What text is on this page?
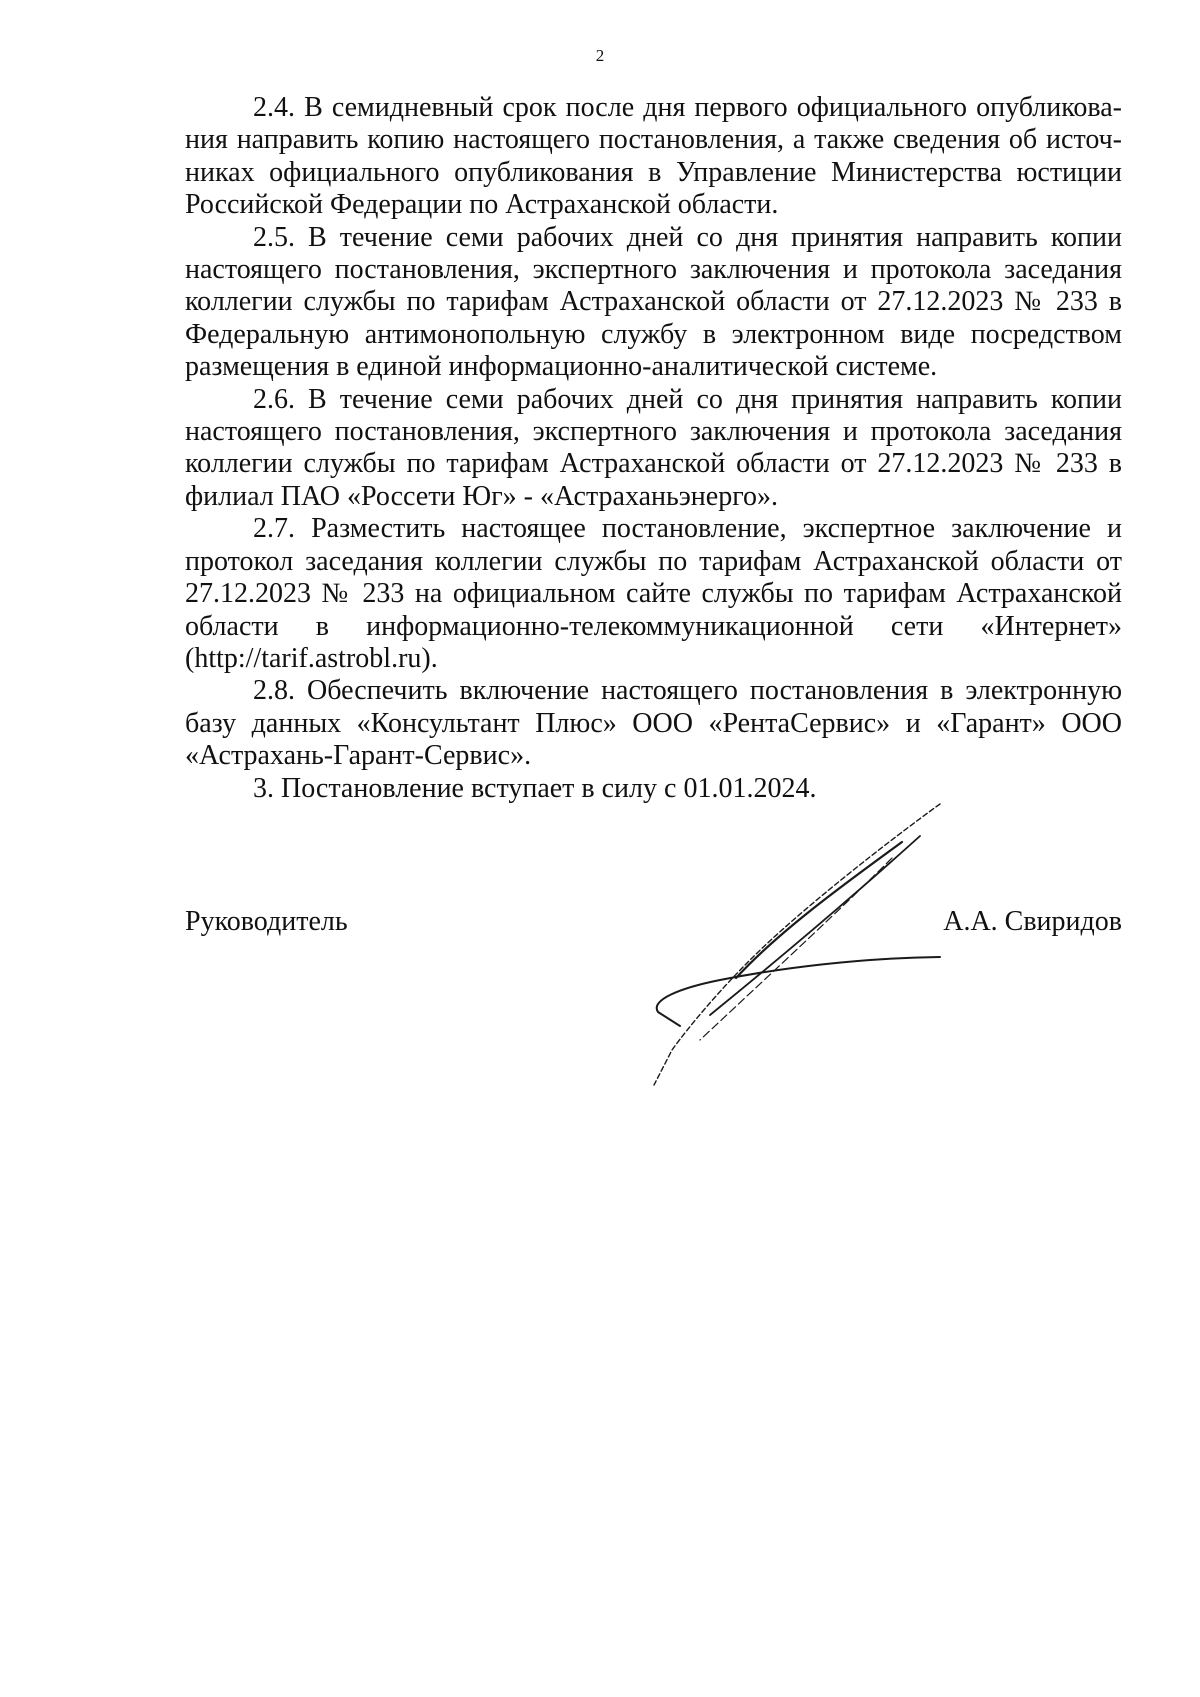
2

2.4. В семидневный срок после дня первого официального опубликования направить копию настоящего постановления, а также сведения об источниках официального опубликования в Управление Министерства юстиции Российской Федерации по Астраханской области.

2.5. В течение семи рабочих дней со дня принятия направить копии настоящего постановления, экспертного заключения и протокола заседания коллегии службы по тарифам Астраханской области от 27.12.2023 № 233 в Федеральную антимонопольную службу в электронном виде посредством размещения в единой информационно-аналитической системе.

2.6. В течение семи рабочих дней со дня принятия направить копии настоящего постановления, экспертного заключения и протокола заседания коллегии службы по тарифам Астраханской области от 27.12.2023 № 233 в филиал ПАО «Россети Юг» - «Астраханьэнерго».

2.7. Разместить настоящее постановление, экспертное заключение и протокол заседания коллегии службы по тарифам Астраханской области от 27.12.2023 № 233 на официальном сайте службы по тарифам Астраханской области в информационно-телекоммуникационной сети «Интернет» (http://tarif.astrobl.ru).

2.8. Обеспечить включение настоящего постановления в электронную базу данных «Консультант Плюс» ООО «РентаСервис» и «Гарант» ООО «Астрахань-Гарант-Сервис».

3. Постановление вступает в силу с 01.01.2024.

Руководитель	А.А. Свиридов
